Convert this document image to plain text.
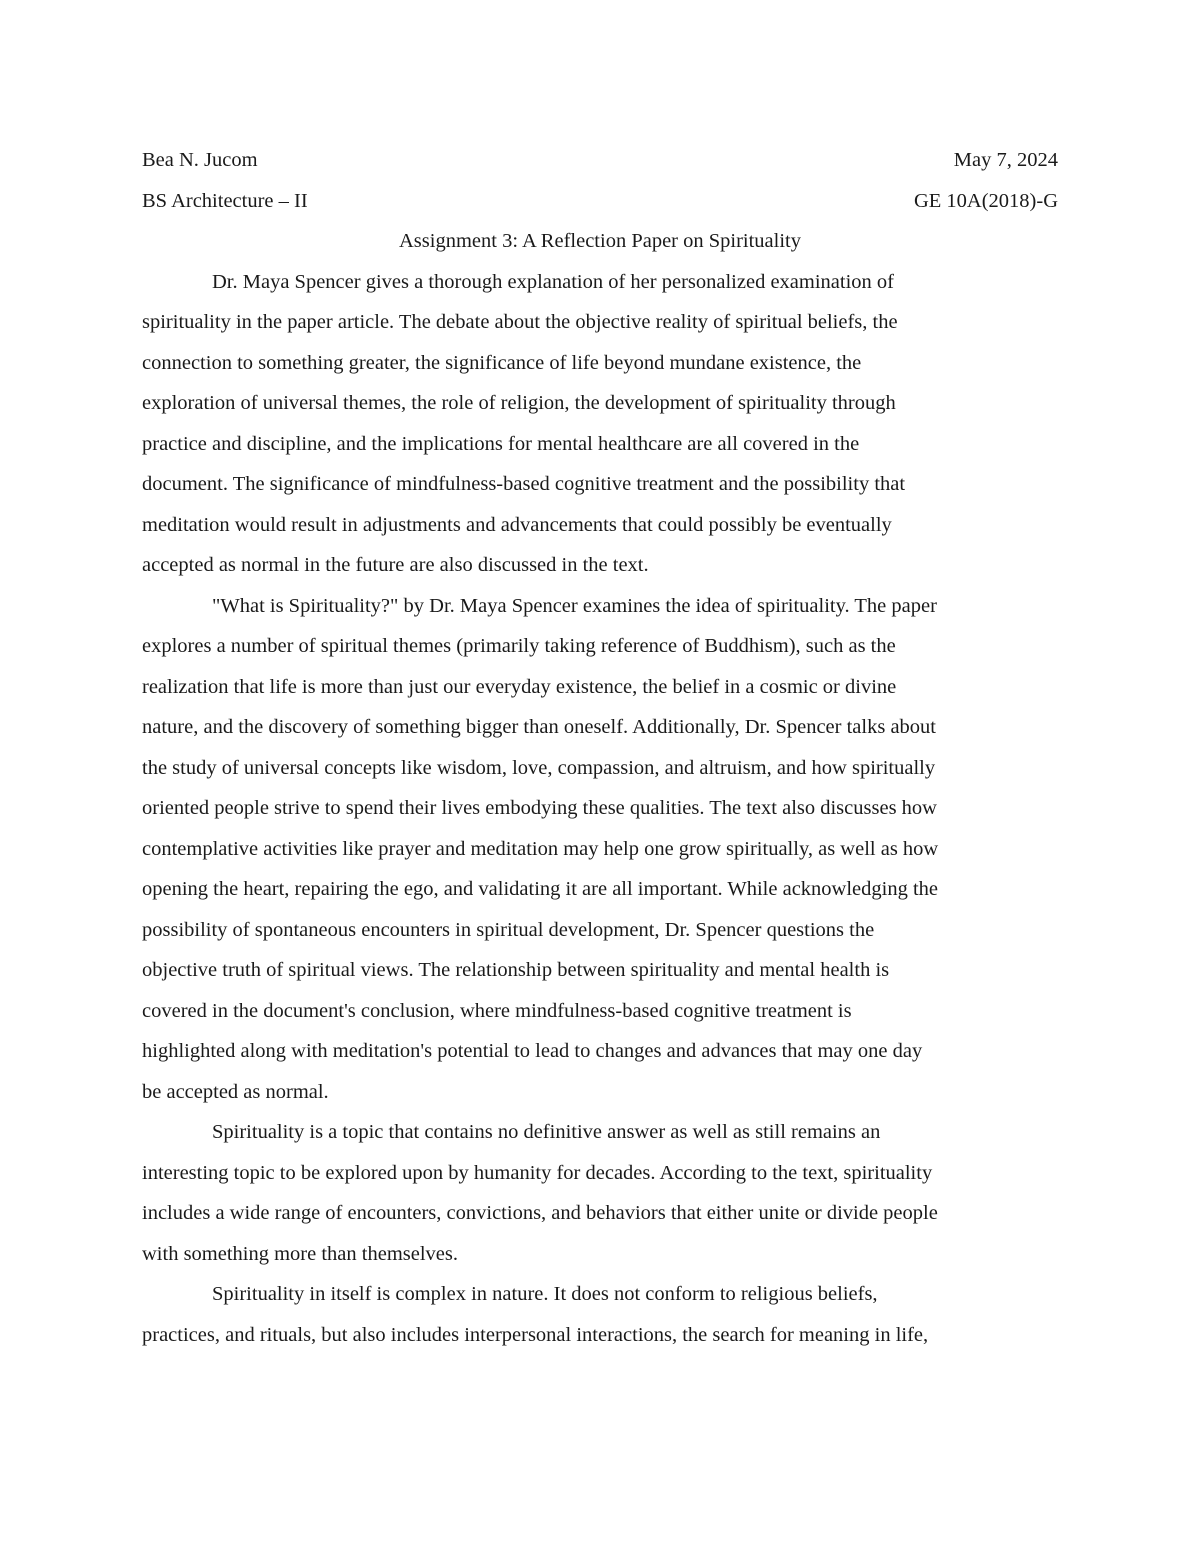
Bea N. Jucom	May 7, 2024
BS Architecture – II	GE 10A(2018)-G
Assignment 3: A Reflection Paper on Spirituality
Dr. Maya Spencer gives a thorough explanation of her personalized examination of
spirituality in the paper article. The debate about the objective reality of spiritual beliefs, the
connection to something greater, the significance of life beyond mundane existence, the
exploration of universal themes, the role of religion, the development of spirituality through
practice and discipline, and the implications for mental healthcare are all covered in the
document. The significance of mindfulness-based cognitive treatment and the possibility that
meditation would result in adjustments and advancements that could possibly be eventually
accepted as normal in the future are also discussed in the text.
"What is Spirituality?" by Dr. Maya Spencer examines the idea of spirituality. The paper
explores a number of spiritual themes (primarily taking reference of Buddhism), such as the
realization that life is more than just our everyday existence, the belief in a cosmic or divine
nature, and the discovery of something bigger than oneself. Additionally, Dr. Spencer talks about
the study of universal concepts like wisdom, love, compassion, and altruism, and how spiritually
oriented people strive to spend their lives embodying these qualities. The text also discusses how
contemplative activities like prayer and meditation may help one grow spiritually, as well as how
opening the heart, repairing the ego, and validating it are all important. While acknowledging the
possibility of spontaneous encounters in spiritual development, Dr. Spencer questions the
objective truth of spiritual views. The relationship between spirituality and mental health is
covered in the document's conclusion, where mindfulness-based cognitive treatment is
highlighted along with meditation's potential to lead to changes and advances that may one day
be accepted as normal.
Spirituality is a topic that contains no definitive answer as well as still remains an
interesting topic to be explored upon by humanity for decades. According to the text, spirituality
includes a wide range of encounters, convictions, and behaviors that either unite or divide people
with something more than themselves.
Spirituality in itself is complex in nature. It does not conform to religious beliefs,
practices, and rituals, but also includes interpersonal interactions, the search for meaning in life,
